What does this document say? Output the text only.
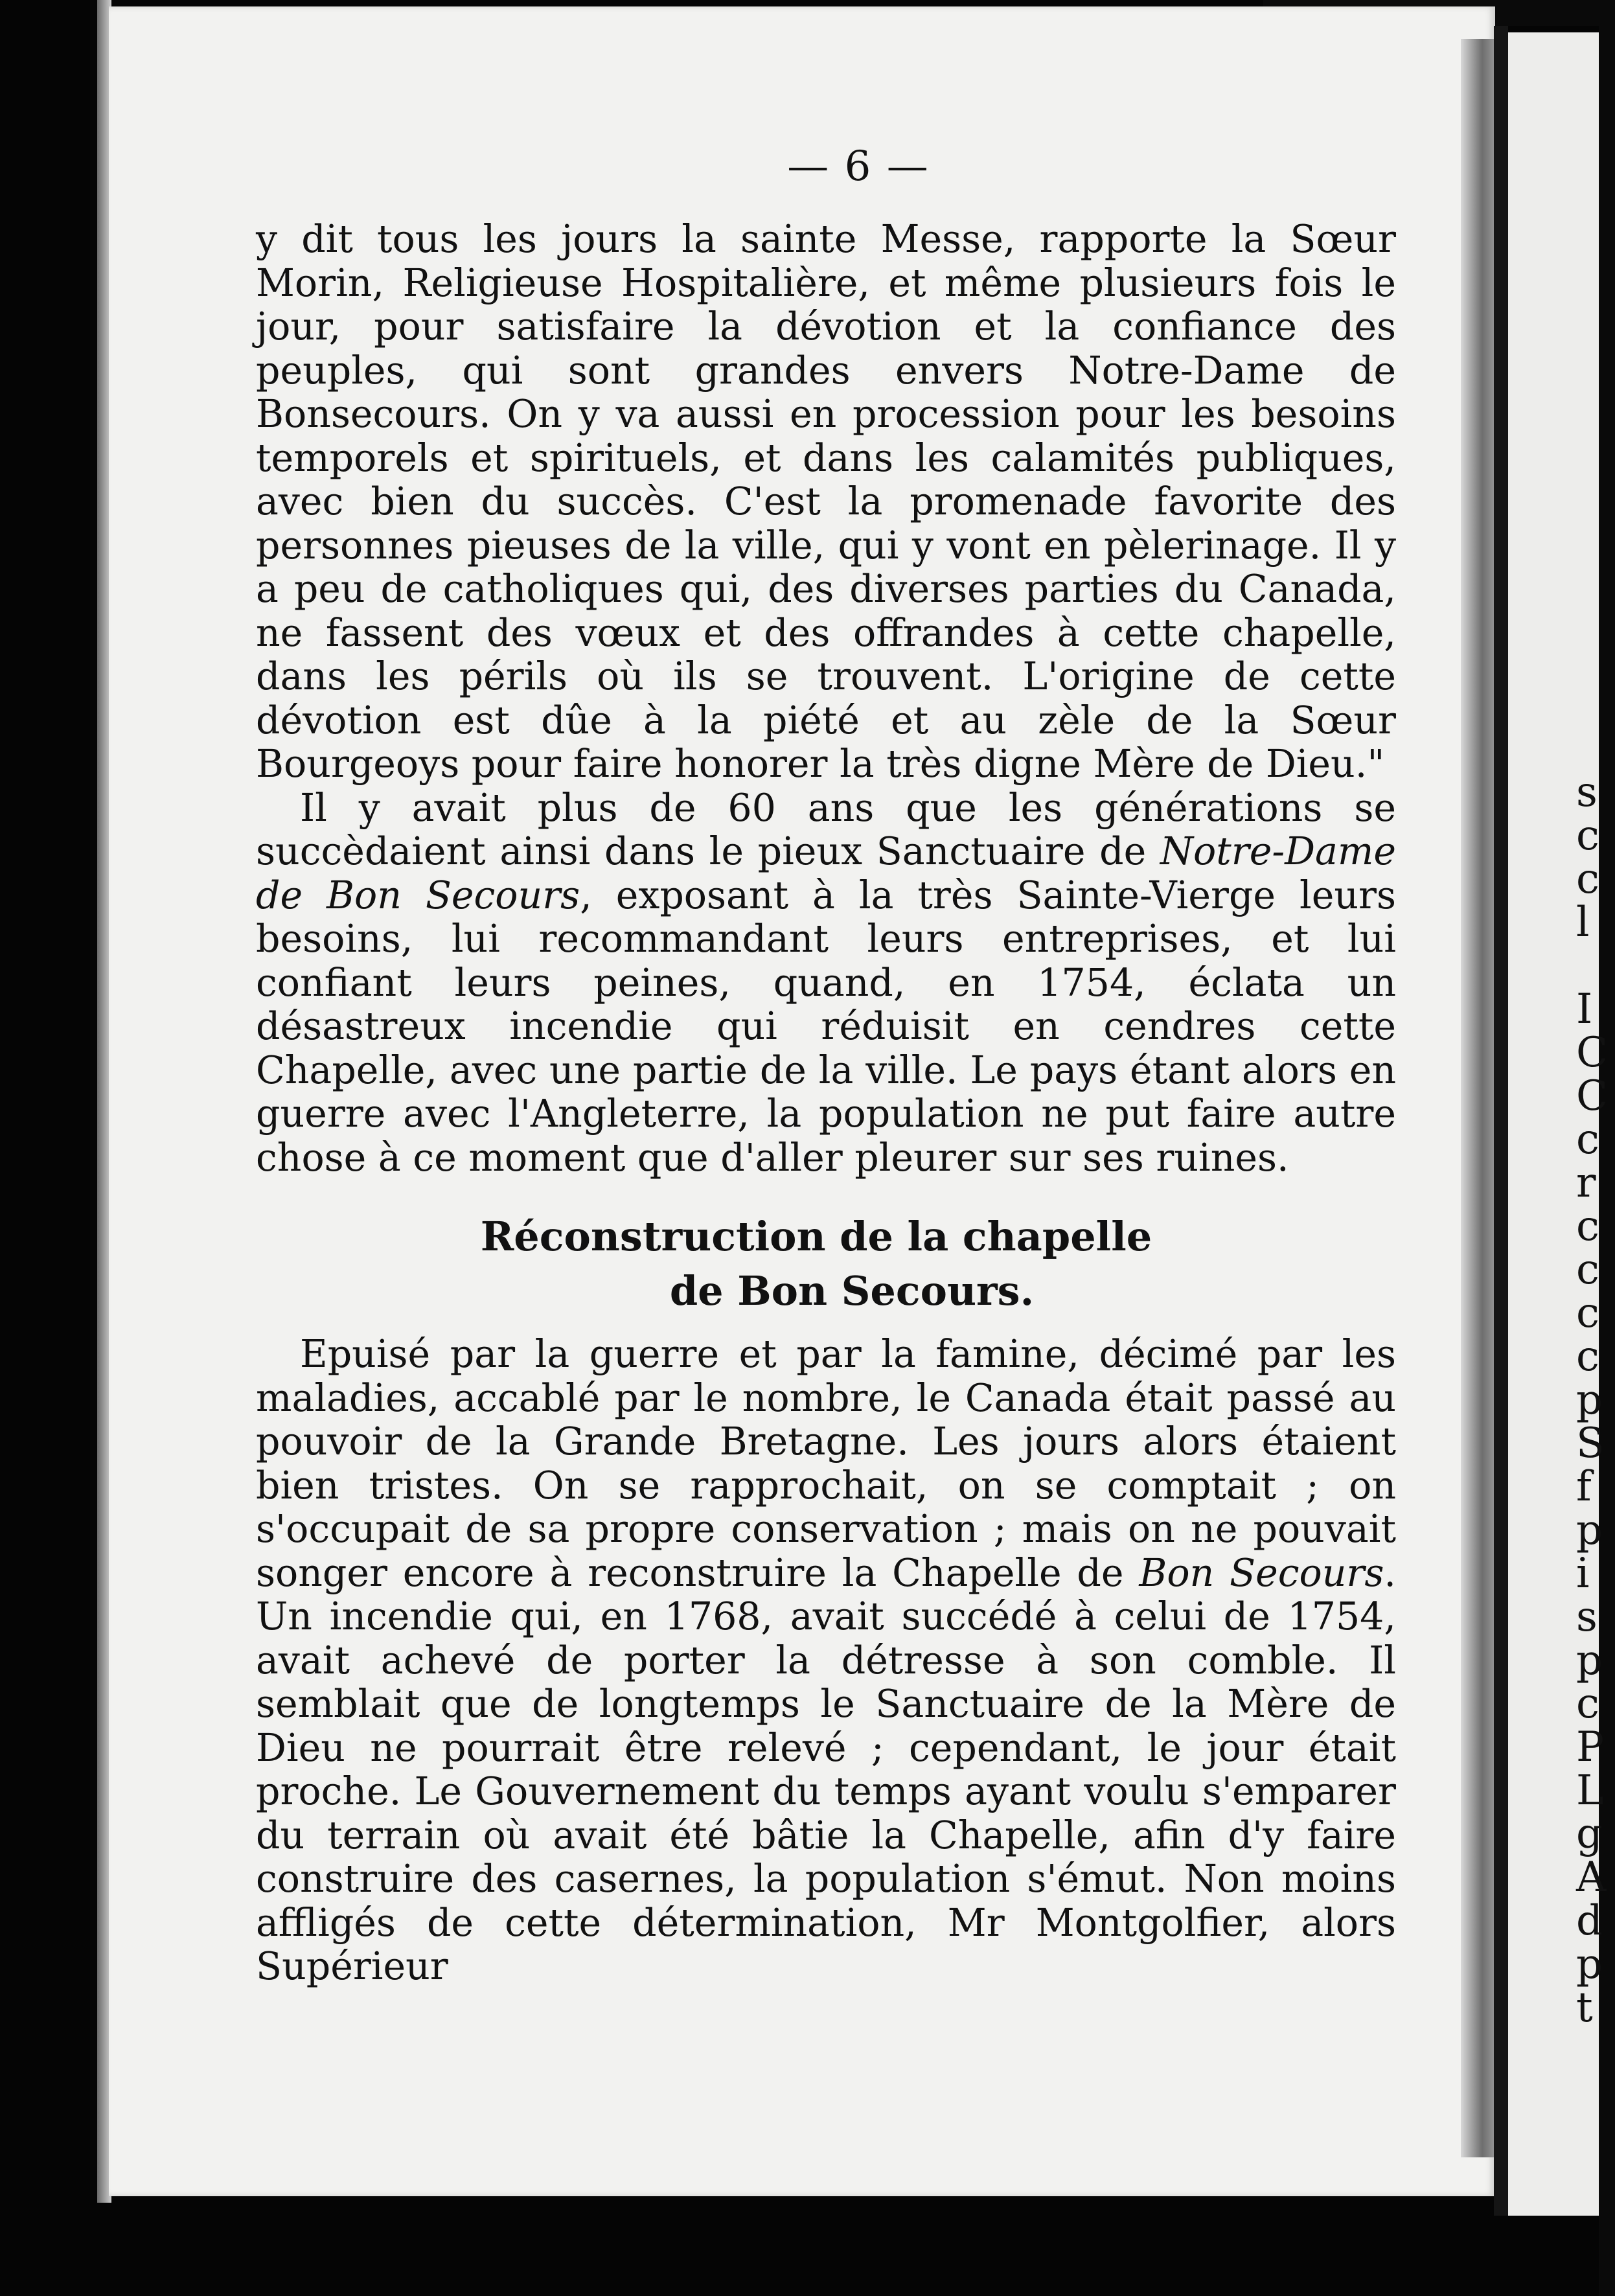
s
c
c
l

I
C
C
c
r
c
c
c
c
p
S
f
p
i
s
p
c
P
L
g
A
d
p
t
— 6 —

y dit tous les jours la sainte Messe, rapporte la Sœur Morin, Religieuse Hospitalière, et même plusieurs fois le jour, pour satisfaire la dévotion et la confiance des peuples, qui sont grandes envers Notre-Dame de Bonsecours. On y va aussi en procession pour les besoins temporels et spirituels, et dans les calamités publiques, avec bien du succès. C'est la promenade favorite des personnes pieuses de la ville, qui y vont en pèlerinage. Il y a peu de catholiques qui, des diverses parties du Canada, ne fassent des vœux et des offrandes à cette chapelle, dans les périls où ils se trouvent. L'origine de cette dévotion est dûe à la piété et au zèle de la Sœur Bourgeoys pour faire honorer la très digne Mère de Dieu."

Il y avait plus de 60 ans que les générations se succèdaient ainsi dans le pieux Sanctuaire de Notre-Dame de Bon Secours, exposant à la très Sainte-Vierge leurs besoins, lui recommandant leurs entreprises, et lui confiant leurs peines, quand, en 1754, éclata un désastreux incendie qui réduisit en cendres cette Chapelle, avec une partie de la ville. Le pays étant alors en guerre avec l'Angleterre, la population ne put faire autre chose à ce moment que d'aller pleurer sur ses ruines.

Réconstruction de la chapelle
de Bon Secours.

Epuisé par la guerre et par la famine, décimé par les maladies, accablé par le nombre, le Canada était passé au pouvoir de la Grande Bretagne. Les jours alors étaient bien tristes. On se rapprochait, on se comptait ; on s'occupait de sa propre conservation ; mais on ne pouvait songer encore à reconstruire la Chapelle de Bon Secours. Un incendie qui, en 1768, avait succédé à celui de 1754, avait achevé de porter la détresse à son comble. Il semblait que de longtemps le Sanctuaire de la Mère de Dieu ne pourrait être relevé ; cependant, le jour était proche. Le Gouvernement du temps ayant voulu s'emparer du terrain où avait été bâtie la Chapelle, afin d'y faire construire des casernes, la population s'émut. Non moins affligés de cette détermination, Mr Montgolfier, alors Supérieur
